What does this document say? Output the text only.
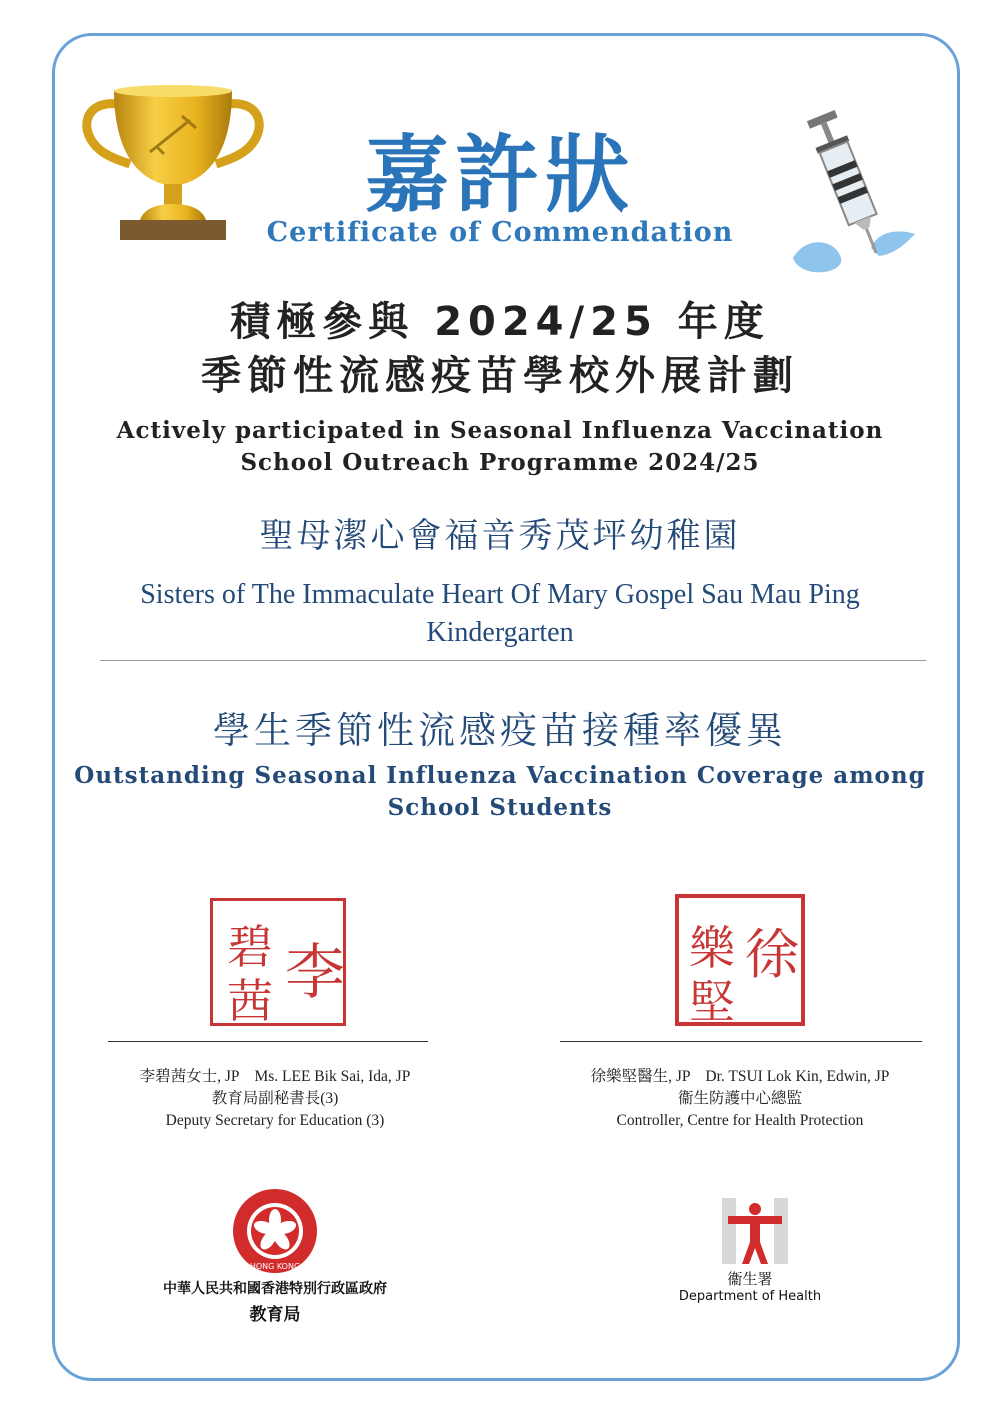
嘉許狀
Certificate of Commendation
積極參與 2024/25 年度
季節性流感疫苗學校外展計劃
Actively participated in Seasonal Influenza Vaccination
School Outreach Programme 2024/25
聖母潔心會福音秀茂坪幼稚園
Sisters of The Immaculate Heart Of Mary Gospel Sau Mau Ping
Kindergarten
學生季節性流感疫苗接種率優異
Outstanding Seasonal Influenza Vaccination Coverage among
School Students
碧 李
茜
樂 徐
堅
李碧茜女士, JP    Ms. LEE Bik Sai, Ida, JP
教育局副秘書長(3)
Deputy Secretary for Education (3)
徐樂堅醫生, JP    Dr. TSUI Lok Kin, Edwin, JP
衞生防護中心總監
Controller, Centre for Health Protection
HONG KONG
中華人民共和國香港特別行政區政府
教育局
衞生署
Department of Health
